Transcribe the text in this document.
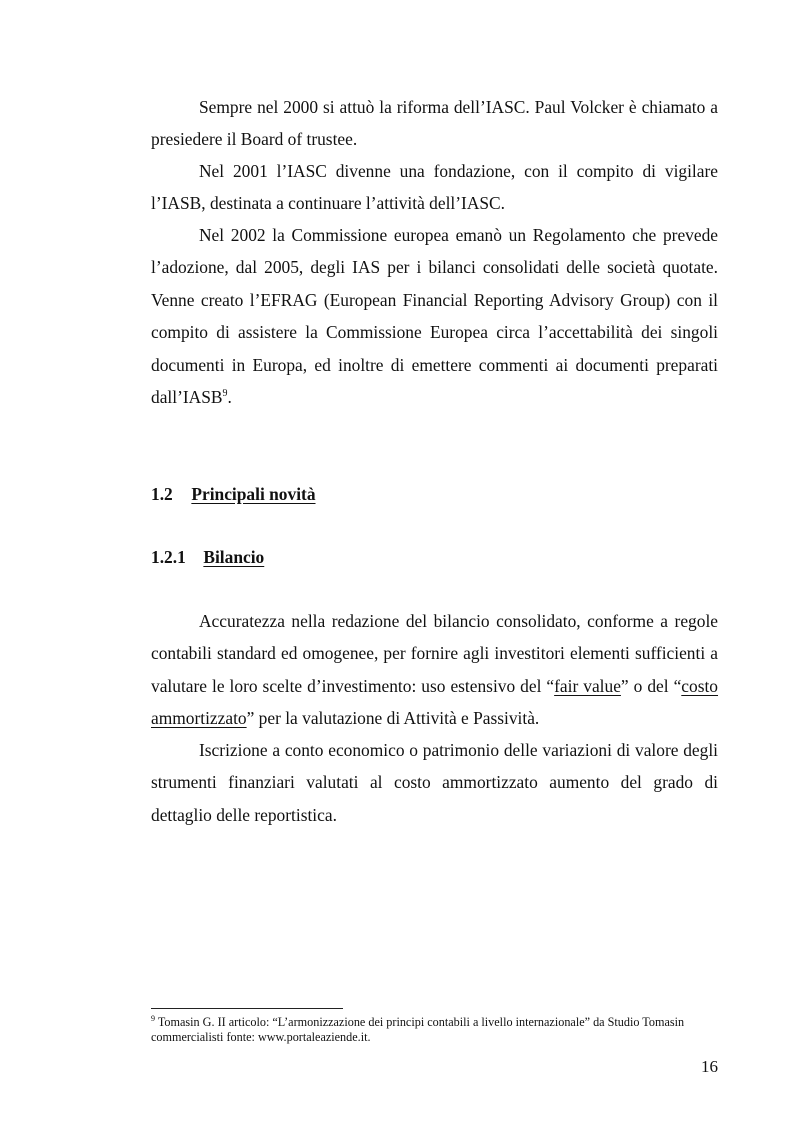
Sempre nel 2000 si attuò la riforma dell’IASC. Paul Volcker è chiamato a presiedere il Board of trustee.

Nel 2001 l’IASC divenne una fondazione, con il compito di vigilare l’IASB, destinata a continuare l’attività dell’IASC.

Nel 2002 la Commissione europea emanò un Regolamento che prevede l’adozione, dal 2005, degli IAS per i bilanci consolidati delle società quotate. Venne creato l’EFRAG (European Financial Reporting Advisory Group) con il compito di assistere la Commissione Europea circa l’accettabilità dei singoli documenti in Europa, ed inoltre di emettere commenti ai documenti preparati dall’IASB$^9$.

1.2 Principali novità
1.2.1 Bilancio

Accuratezza nella redazione del bilancio consolidato, conforme a regole contabili standard ed omogenee, per fornire agli investitori elementi sufficienti a valutare le loro scelte d’investimento: uso estensivo del “fair value” o del “costo ammortizzato” per la valutazione di Attività e Passività.

Iscrizione a conto economico o patrimonio delle variazioni di valore degli strumenti finanziari valutati al costo ammortizzato aumento del grado di dettaglio delle reportistica.

$^9$ Tomasin G. II articolo: “L’armonizzazione dei principi contabili a livello internazionale” da Studio Tomasin commercialisti fonte: www.portaleaziende.it.

16
